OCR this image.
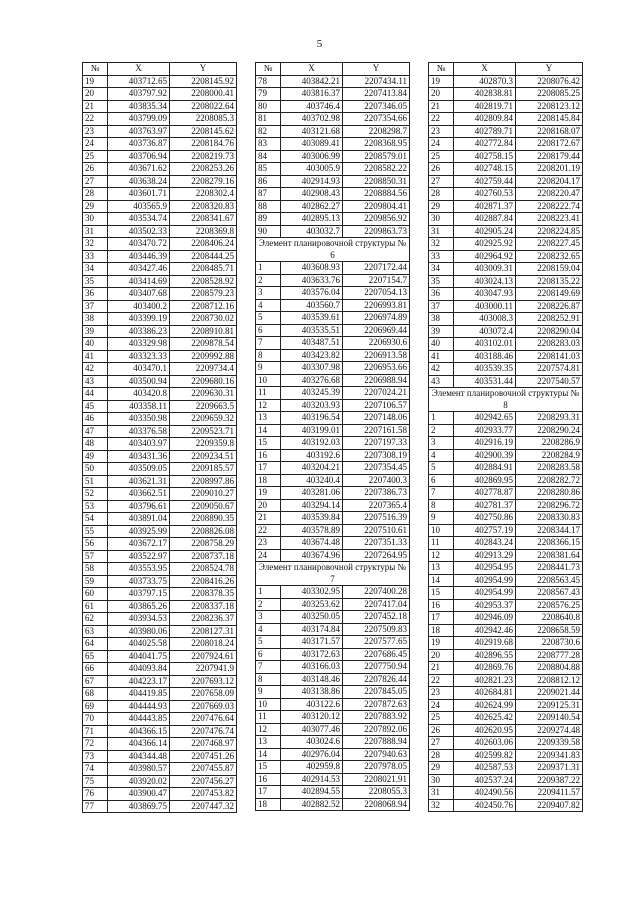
5
№	X	Y
19	403712.65	2208145.92
20	403797.92	2208000.41
21	403835.34	2208022.64
22	403799.09	2208085.3
23	403763.97	2208145.62
24	403736.87	2208184.76
25	403706.94	2208219.73
26	403671.62	2208253.26
27	403638.24	2208279.16
28	403601.71	2208302.4
29	403565.9	2208320.83
30	403534.74	2208341.67
31	403502.33	2208369.8
32	403470.72	2208406.24
33	403446.39	2208444.25
34	403427.46	2208485.71
35	403414.69	2208528.92
36	403407.68	2208579.23
37	403400.2	2208712.16
38	403399.19	2208730.02
39	403386.23	2208910.81
40	403329.98	2209878.54
41	403323.33	2209992.88
42	403470.1	2209734.4
43	403500.94	2209680.16
44	403420.8	2209630.31
45	403358.11	2209663.5
46	403350.98	2209659.32
47	403376.58	2209523.71
48	403403.97	2209359.8
49	403431.36	2209234.51
50	403509.05	2209185.57
51	403621.31	2208997.86
52	403662.51	2209010.27
53	403796.61	2209050.67
54	403891.04	2208890.35
55	403925.99	2208826.08
56	403672.17	2208758.29
57	403522.97	2208737.18
58	403553.95	2208524.78
59	403733.75	2208416.26
60	403797.15	2208378.35
61	403865.26	2208337.18
62	403934.53	2208236.37
63	403980.06	2208127.31
64	404025.58	2208018.24
65	404041.75	2207924.61
66	404093.84	2207941.9
67	404223.17	2207693.12
68	404419.85	2207658.09
69	404444.93	2207669.03
70	404443.85	2207476.64
71	404366.15	2207476.74
72	404366.14	2207468.97
73	404344.48	2207451.26
74	403980.57	2207455.87
75	403920.02	2207456.27
76	403900.47	2207453.82
77	403869.75	2207447.32
№	X	Y
78	403842.21	2207434.11
79	403816.37	2207413.84
80	403746.4	2207346.05
81	403702.98	2207354.66
82	403121.68	2208298.7
83	403089.41	2208368.95
84	403006.99	2208579.01
85	403005.9	2208582.22
86	402914.93	2208850.31
87	402908.43	2208884.56
88	402862.27	2209804.41
89	402895.13	2209856.92
90	403032.7	2209863.73
Элемент планировочной структуры № 6		
1	403608.93	2207172.44
2	403633.76	2207154.7
3	403576.04	2207054.13
4	403560.7	2206993.81
5	403539.61	2206974.89
6	403535.51	2206969.44
7	403487.51	2206930.6
8	403423.82	2206913.58
9	403307.98	2206953.66
10	403276.68	2206988.94
11	403245.39	2207024.21
12	403203.93	2207106.57
13	403196.54	2207148.06
14	403199.01	2207161.58
15	403192.03	2207197.33
16	403192.6	2207308.19
17	403204.21	2207354.45
18	403240.4	2207400.3
19	403281.06	2207386.73
20	403294.14	2207365.4
21	403539.84	2207516.39
22	403578.89	2207510.61
23	403674.48	2207351.33
24	403674.96	2207264.95
Элемент планировочной структуры № 7		
1	403302.95	2207400.28
2	403253.62	2207417.04
3	403250.05	2207452.18
4	403174.84	2207509.83
5	403171.57	2207577.65
6	403172.63	2207686.45
7	403166.03	2207750.94
8	403148.46	2207826.44
9	403138.86	2207845.05
10	403122.6	2207872.63
11	403120.12	2207883.92
12	403077.46	2207892.06
13	403024.6	2207888.94
14	402976.04	2207940.63
15	402959.8	2207978.05
16	402914.53	2208021.91
17	402894.55	2208055.3
18	402882.52	2208068.94
№	X	Y
19	402870.3	2208076.42
20	402838.81	2208085.25
21	402819.71	2208123.12
22	402809.84	2208145.84
23	402789.71	2208168.07
24	402772.84	2208172.67
25	402758.15	2208179.44
26	402748.15	2208201.19
27	402759.44	2208204.17
28	402760.53	2208220.47
29	402871.37	2208222.74
30	402887.84	2208223.41
31	402905.24	2208224.85
32	402925.92	2208227.45
33	402964.92	2208232.65
34	403009.31	2208159.04
35	403024.13	2208135.22
36	403047.93	2208149.69
37	403000.11	2208226.87
38	403008.3	2208252.91
39	403072.4	2208290.04
40	403102.01	2208283.03
41	403188.46	2208141.03
42	403539.35	2207574.81
43	403531.44	2207540.57
Элемент планировочной структуры № 8		
1	402942.65	2208293.31
2	402933.77	2208290.24
3	402916.19	2208286.9
4	402900.39	2208284.9
5	402884.91	2208283.58
6	402869.95	2208282.72
7	402778.87	2208280.86
8	402781.37	2208296.72
9	402750.86	2208330.83
10	402757.19	2208344.17
11	402843.24	2208366.15
12	402913.29	2208381.64
13	402954.95	2208441.73
14	402954.99	2208563.45
15	402954.99	2208567.43
16	402953.37	2208576.25
17	402946.09	2208640.8
18	402942.46	2208658.59
19	402919.68	2208730.6
20	402896.55	2208777.28
21	402869.76	2208804.88
22	402821.23	2208812.12
23	402684.81	2209021.44
24	402624.99	2209125.31
25	402625.42	2209140.54
26	402620.95	2209274.48
27	402603.06	2209339.58
28	402599.82	2209341.83
29	402587.53	2209371.31
30	402537.24	2209387.22
31	402490.56	2209411.57
32	402450.76	2209407.82
